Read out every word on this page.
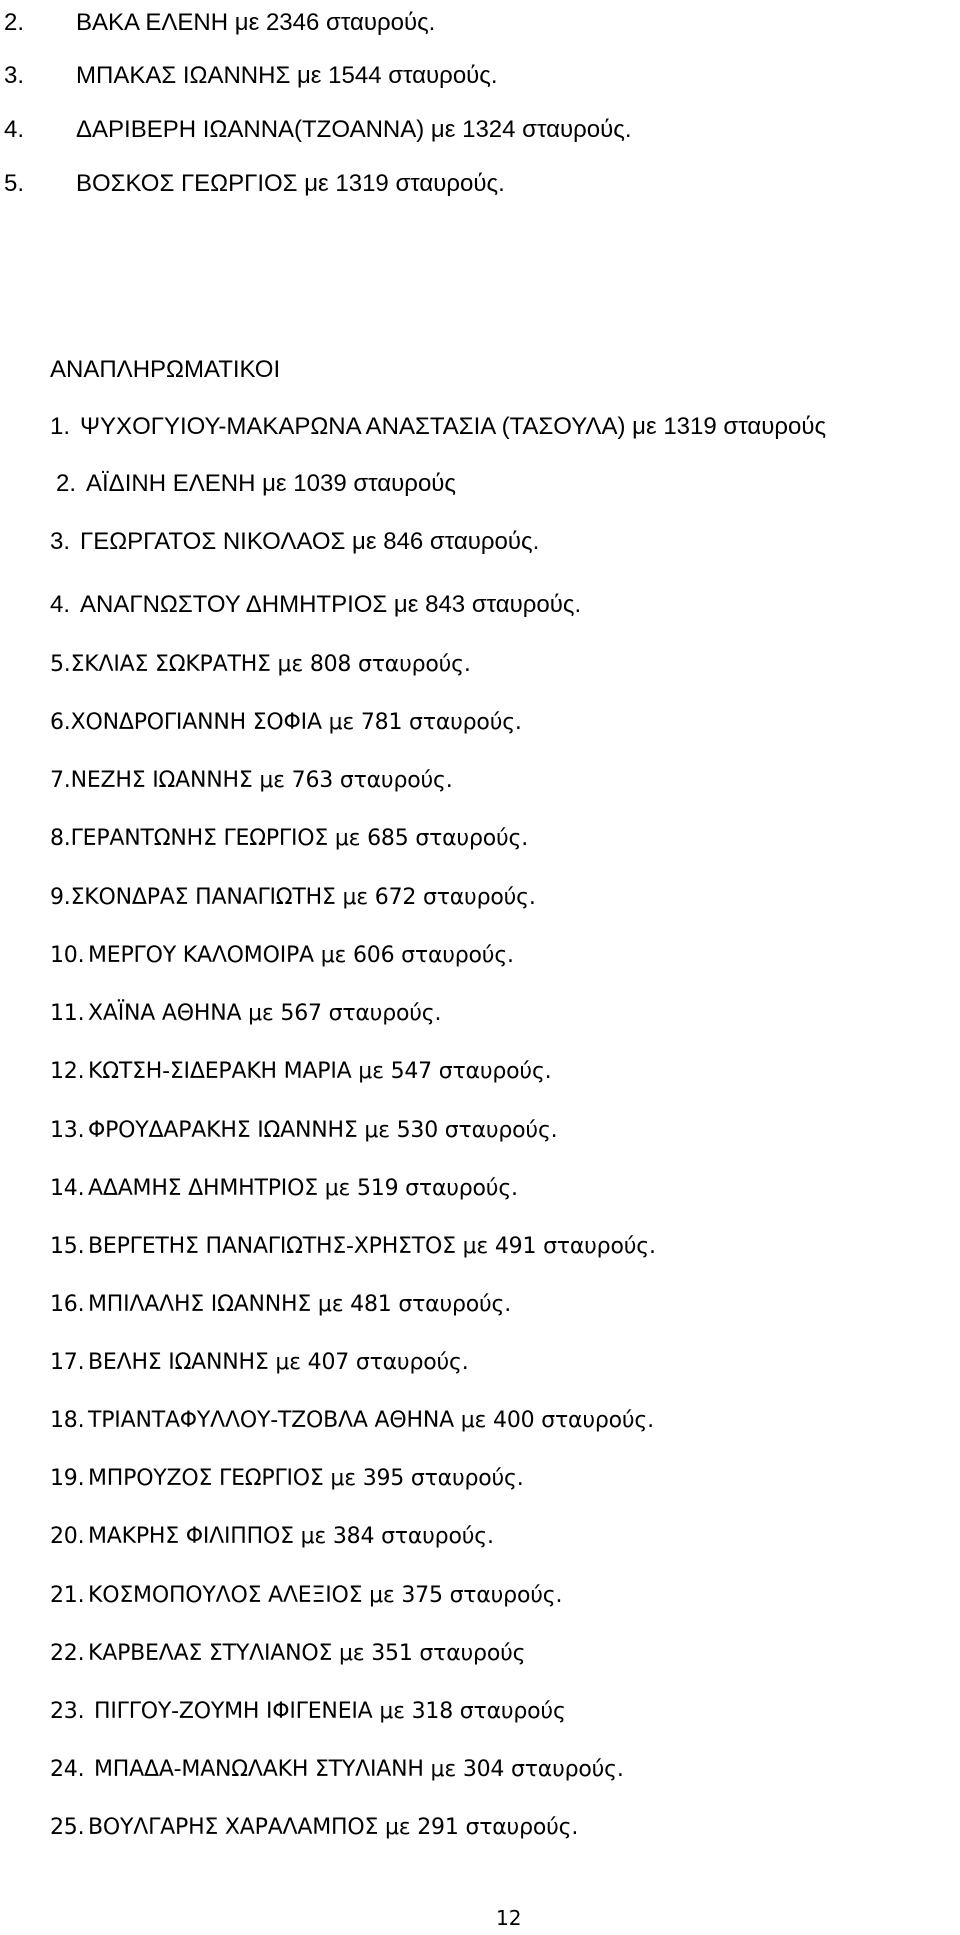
2. ΒΑΚΑ ΕΛΕΝΗ με 2346 σταυρούς.
3. ΜΠΑΚΑΣ ΙΩΑΝΝΗΣ με 1544 σταυρούς.
4. ΔΑΡΙΒΕΡΗ ΙΩΑΝΝΑ(ΤΖΟΑΝΝΑ) με 1324 σταυρούς.
5. ΒΟΣΚΟΣ ΓΕΩΡΓΙΟΣ με 1319 σταυρούς.
ΑΝΑΠΛΗΡΩΜΑΤΙΚΟΙ
1. ΨΥΧΟΓΥΙΟΥ-ΜΑΚΑΡΩΝΑ ΑΝΑΣΤΑΣΙΑ (ΤΑΣΟΥΛΑ) με 1319 σταυρούς
2. ΑΪΔΙΝΗ ΕΛΕΝΗ με 1039 σταυρούς
3. ΓΕΩΡΓΑΤΟΣ ΝΙΚΟΛΑΟΣ με 846 σταυρούς.
4. ΑΝΑΓΝΩΣΤΟΥ ΔΗΜΗΤΡΙΟΣ με 843 σταυρούς.
5.ΣΚΛΙΑΣ ΣΩΚΡΑΤΗΣ με 808 σταυρούς.
6.ΧΟΝΔΡΟΓΙΑΝΝΗ ΣΟΦΙΑ με 781 σταυρούς.
7.ΝΕΖΗΣ ΙΩΑΝΝΗΣ με 763 σταυρούς.
8.ΓΕΡΑΝΤΩΝΗΣ ΓΕΩΡΓΙΟΣ με 685 σταυρούς.
9.ΣΚΟΝΔΡΑΣ ΠΑΝΑΓΙΩΤΗΣ με 672 σταυρούς.
10. ΜΕΡΓΟΥ ΚΑΛΟΜΟΙΡΑ με 606 σταυρούς.
11. ΧΑΪΝΑ ΑΘΗΝΑ με 567 σταυρούς.
12. ΚΩΤΣΗ-ΣΙΔΕΡΑΚΗ ΜΑΡΙΑ με 547 σταυρούς.
13. ΦΡΟΥΔΑΡΑΚΗΣ ΙΩΑΝΝΗΣ με 530 σταυρούς.
14. ΑΔΑΜΗΣ ΔΗΜΗΤΡΙΟΣ με 519 σταυρούς.
15. ΒΕΡΓΕΤΗΣ ΠΑΝΑΓΙΩΤΗΣ-ΧΡΗΣΤΟΣ με 491 σταυρούς.
16. ΜΠΙΛΑΛΗΣ ΙΩΑΝΝΗΣ με 481 σταυρούς.
17. ΒΕΛΗΣ ΙΩΑΝΝΗΣ με 407 σταυρούς.
18. ΤΡΙΑΝΤΑΦΥΛΛΟΥ-ΤΖΟΒΛΑ ΑΘΗΝΑ με 400 σταυρούς.
19. ΜΠΡΟΥΖΟΣ ΓΕΩΡΓΙΟΣ με 395 σταυρούς.
20. ΜΑΚΡΗΣ ΦΙΛΙΠΠΟΣ με 384 σταυρούς.
21. ΚΟΣΜΟΠΟΥΛΟΣ ΑΛΕΞΙΟΣ με 375 σταυρούς.
22. ΚΑΡΒΕΛΑΣ ΣΤΥΛΙΑΝΟΣ με 351 σταυρούς
23. ΠΙΓΓΟΥ-ΖΟΥΜΗ ΙΦΙΓΕΝΕΙΑ με 318 σταυρούς
24. ΜΠΑΔΑ-ΜΑΝΩΛΑΚΗ ΣΤΥΛΙΑΝΗ με 304 σταυρούς.
25. ΒΟΥΛΓΑΡΗΣ ΧΑΡΑΛΑΜΠΟΣ με 291 σταυρούς.
12
